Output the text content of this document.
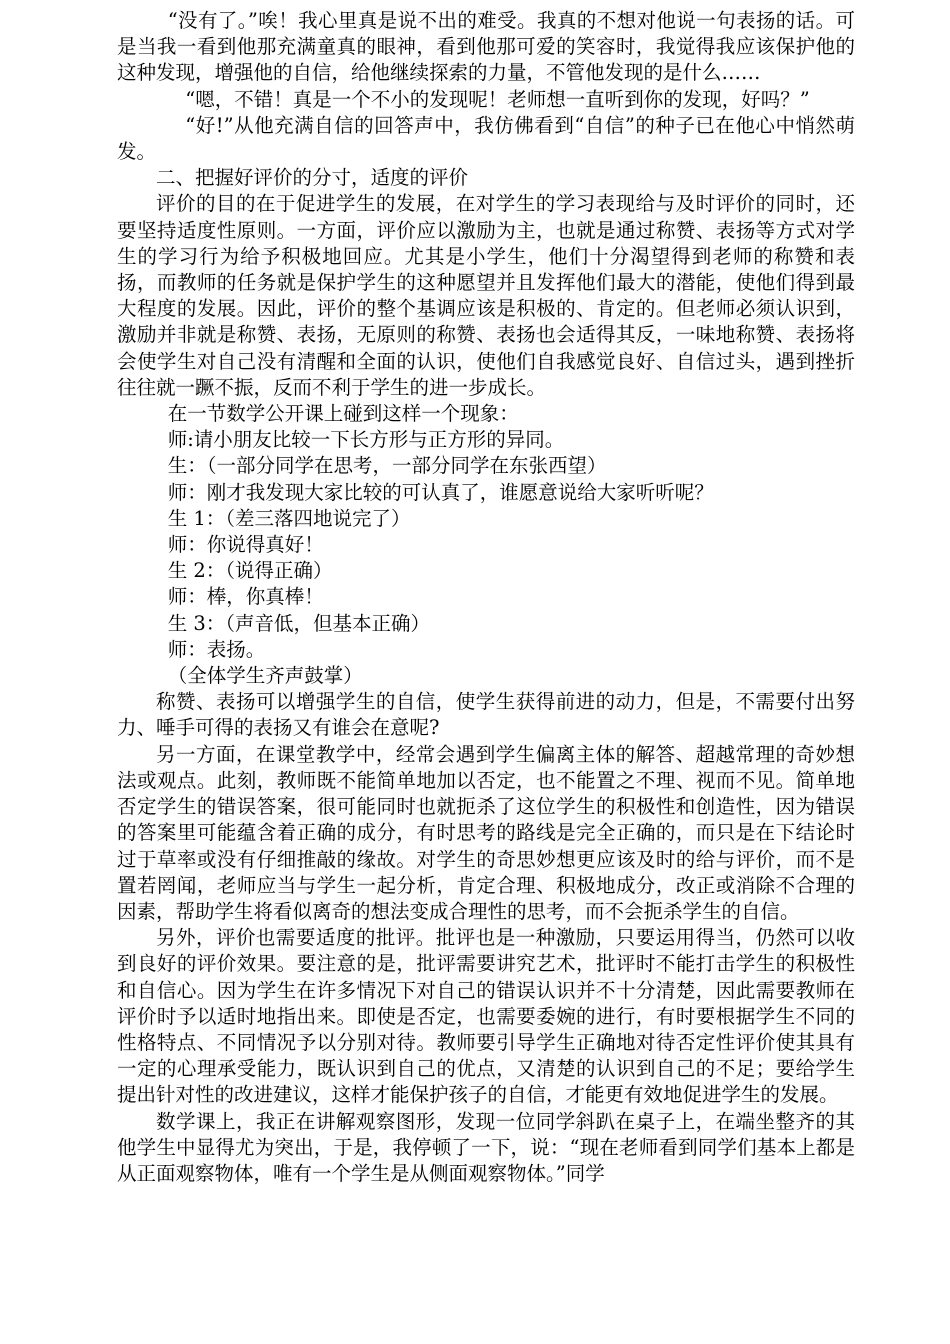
“没有了。”唉！我心里真是说不出的难受。我真的不想对他说一句表扬的话。可是当我一看到他那充满童真的眼神，看到他那可爱的笑容时，我觉得我应该保护他的这种发现，增强他的自信，给他继续探索的力量，不管他发现的是什么……

“嗯，不错！真是一个不小的发现呢！老师想一直听到你的发现，好吗？”

“好!”从他充满自信的回答声中，我仿佛看到“自信”的种子已在他心中悄然萌发。

二、把握好评价的分寸，适度的评价

评价的目的在于促进学生的发展，在对学生的学习表现给与及时评价的同时，还要坚持适度性原则。一方面，评价应以激励为主，也就是通过称赞、表扬等方式对学生的学习行为给予积极地回应。尤其是小学生，他们十分渴望得到老师的称赞和表扬，而教师的任务就是保护学生的这种愿望并且发挥他们最大的潜能，使他们得到最大程度的发展。因此，评价的整个基调应该是积极的、肯定的。但老师必须认识到，激励并非就是称赞、表扬，无原则的称赞、表扬也会适得其反，一味地称赞、表扬将会使学生对自己没有清醒和全面的认识，使他们自我感觉良好、自信过头，遇到挫折往往就一蹶不振，反而不利于学生的进一步成长。

在一节数学公开课上碰到这样一个现象：

师:请小朋友比较一下长方形与正方形的异同。

生：（一部分同学在思考，一部分同学在东张西望）

师：刚才我发现大家比较的可认真了，谁愿意说给大家听听呢？

生 1：（差三落四地说完了）

师：你说得真好！

生 2：（说得正确）

师：棒，你真棒！

生 3：（声音低，但基本正确）

师：表扬。

（全体学生齐声鼓掌）

称赞、表扬可以增强学生的自信，使学生获得前进的动力，但是，不需要付出努力、唾手可得的表扬又有谁会在意呢?

另一方面，在课堂教学中，经常会遇到学生偏离主体的解答、超越常理的奇妙想法或观点。此刻，教师既不能简单地加以否定，也不能置之不理、视而不见。简单地否定学生的错误答案，很可能同时也就扼杀了这位学生的积极性和创造性，因为错误的答案里可能蕴含着正确的成分，有时思考的路线是完全正确的，而只是在下结论时过于草率或没有仔细推敲的缘故。对学生的奇思妙想更应该及时的给与评价，而不是置若罔闻，老师应当与学生一起分析，肯定合理、积极地成分，改正或消除不合理的因素，帮助学生将看似离奇的想法变成合理性的思考，而不会扼杀学生的自信。

另外，评价也需要适度的批评。批评也是一种激励，只要运用得当，仍然可以收到良好的评价效果。要注意的是，批评需要讲究艺术，批评时不能打击学生的积极性和自信心。因为学生在许多情况下对自己的错误认识并不十分清楚，因此需要教师在评价时予以适时地指出来。即使是否定，也需要委婉的进行，有时要根据学生不同的性格特点、不同情况予以分别对待。教师要引导学生正确地对待否定性评价使其具有一定的心理承受能力，既认识到自己的优点，又清楚的认识到自己的不足；要给学生提出针对性的改进建议，这样才能保护孩子的自信，才能更有效地促进学生的发展。

数学课上，我正在讲解观察图形，发现一位同学斜趴在桌子上，在端坐整齐的其他学生中显得尤为突出，于是，我停顿了一下，说：“现在老师看到同学们基本上都是从正面观察物体，唯有一个学生是从侧面观察物体。”同学
